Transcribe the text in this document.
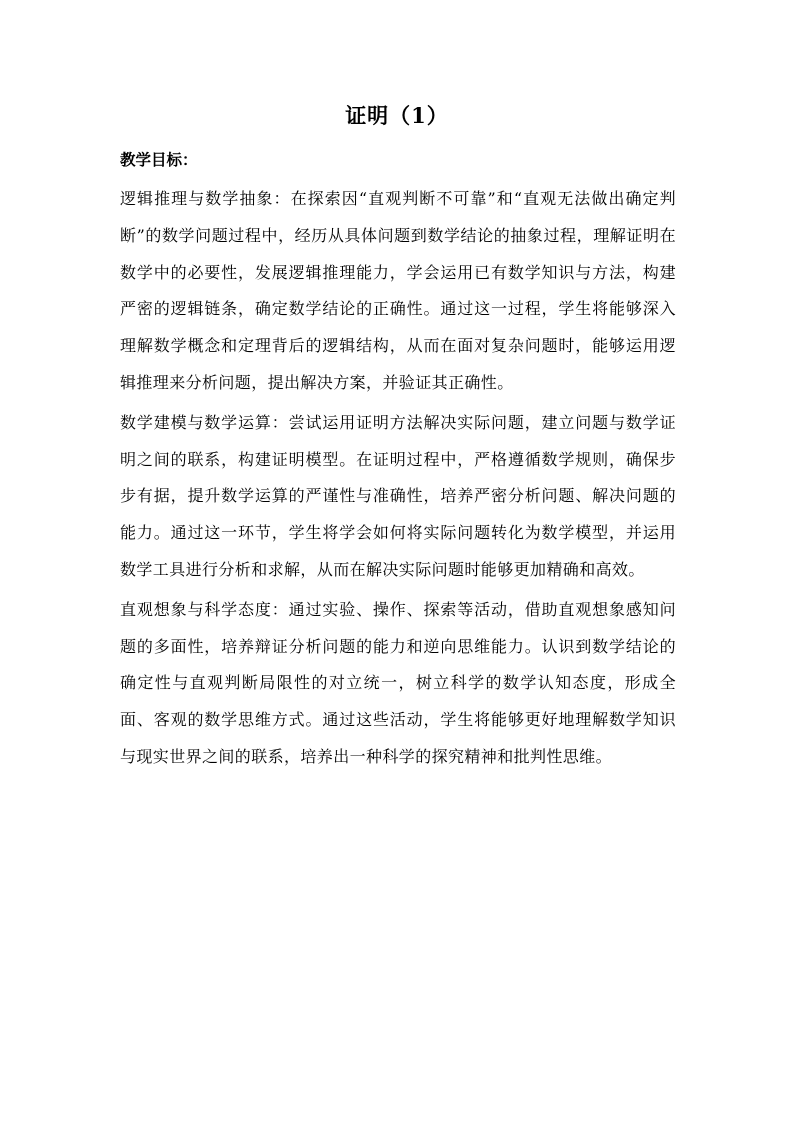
证明（1）
教学目标：

逻辑推理与数学抽象：在探索因“直观判断不可靠”和“直观无法做出确定判断”的数学问题过程中，经历从具体问题到数学结论的抽象过程，理解证明在数学中的必要性，发展逻辑推理能力，学会运用已有数学知识与方法，构建严密的逻辑链条，确定数学结论的正确性。通过这一过程，学生将能够深入理解数学概念和定理背后的逻辑结构，从而在面对复杂问题时，能够运用逻辑推理来分析问题，提出解决方案，并验证其正确性。

数学建模与数学运算：尝试运用证明方法解决实际问题，建立问题与数学证明之间的联系，构建证明模型。在证明过程中，严格遵循数学规则，确保步步有据，提升数学运算的严谨性与准确性，培养严密分析问题、解决问题的能力。通过这一环节，学生将学会如何将实际问题转化为数学模型，并运用数学工具进行分析和求解，从而在解决实际问题时能够更加精确和高效。

直观想象与科学态度：通过实验、操作、探索等活动，借助直观想象感知问题的多面性，培养辩证分析问题的能力和逆向思维能力。认识到数学结论的确定性与直观判断局限性的对立统一，树立科学的数学认知态度，形成全面、客观的数学思维方式。通过这些活动，学生将能够更好地理解数学知识与现实世界之间的联系，培养出一种科学的探究精神和批判性思维。
